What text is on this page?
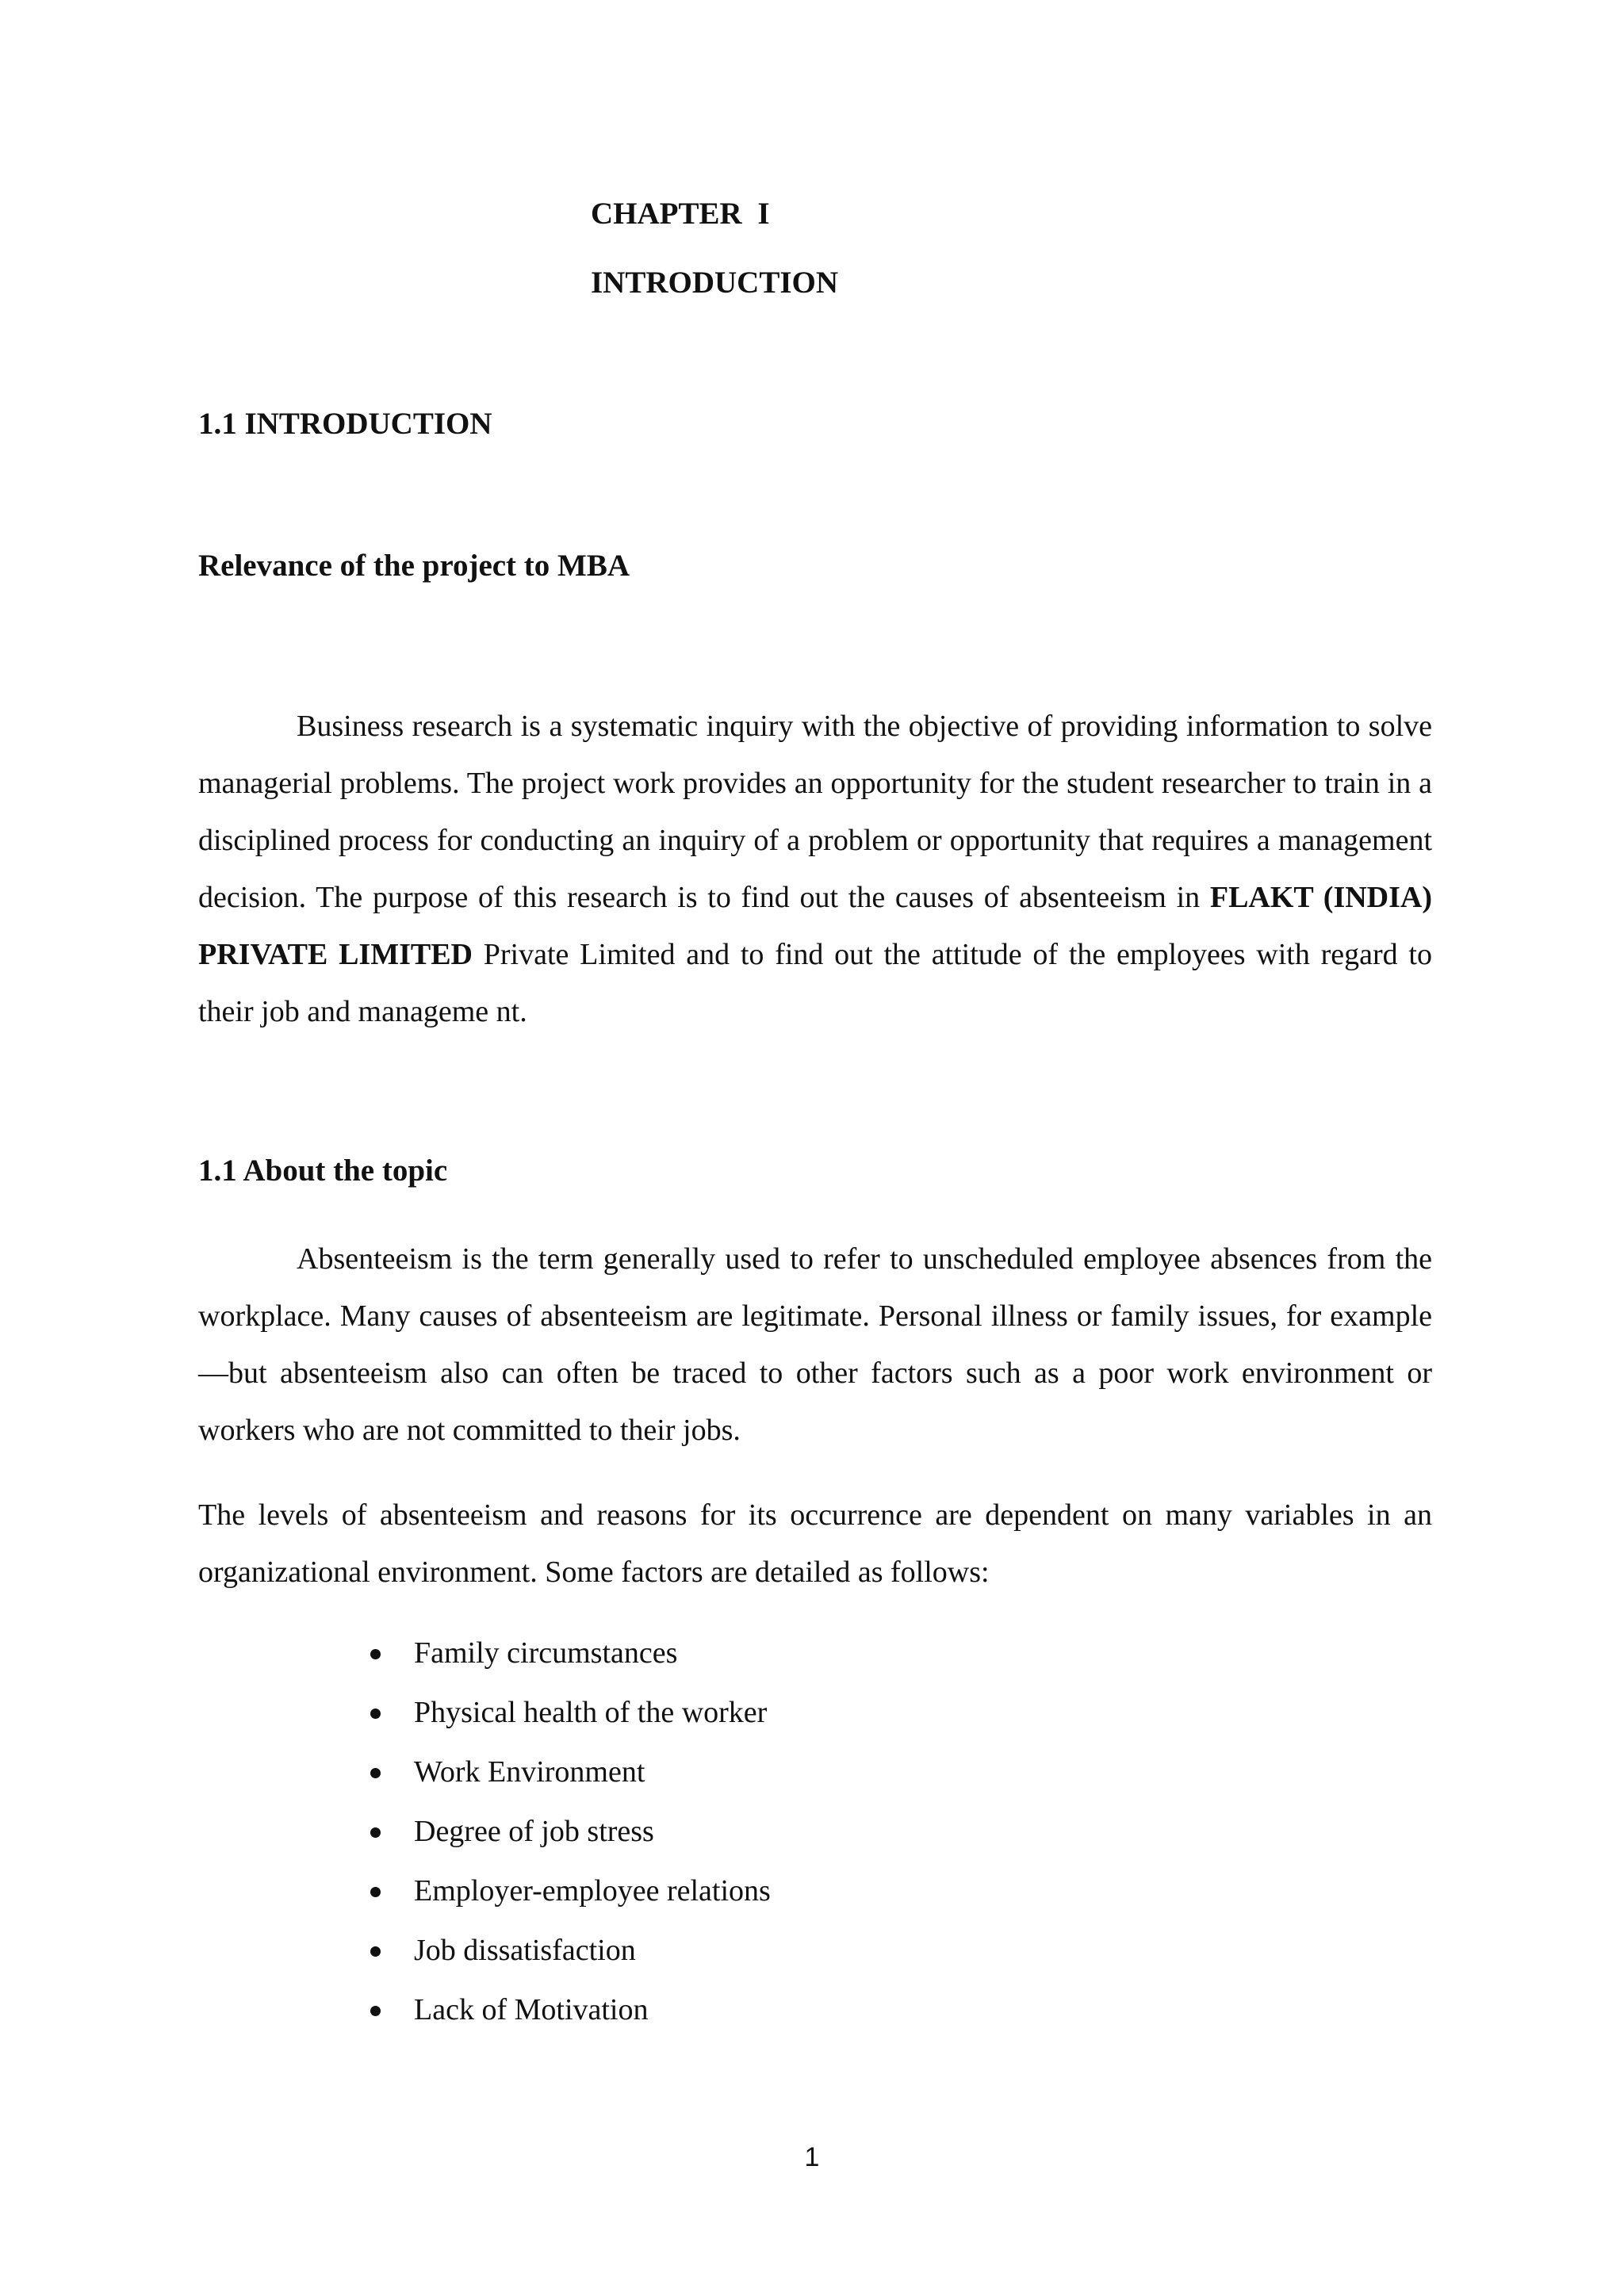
CHAPTER I
INTRODUCTION
1.1 INTRODUCTION
Relevance of the project to MBA

Business research is a systematic inquiry with the objective of providing information to solve managerial problems. The project work provides an opportunity for the student researcher to train in a disciplined process for conducting an inquiry of a problem or opportunity that requires a management decision. The purpose of this research is to find out the causes of absenteeism in FLAKT (INDIA) PRIVATE LIMITED Private Limited and to find out the attitude of the employees with regard to their job and manageme nt.

1.1 About the topic

Absenteeism is the term generally used to refer to unscheduled employee absences from the workplace. Many causes of absenteeism are legitimate. Personal illness or family issues, for example—but absenteeism also can often be traced to other factors such as a poor work environment or workers who are not committed to their jobs.

The levels of absenteeism and reasons for its occurrence are dependent on many variables in an organizational environment. Some factors are detailed as follows:

Family circumstances
Physical health of the worker
Work Environment
Degree of job stress
Employer-employee relations
Job dissatisfaction
Lack of Motivation
1
